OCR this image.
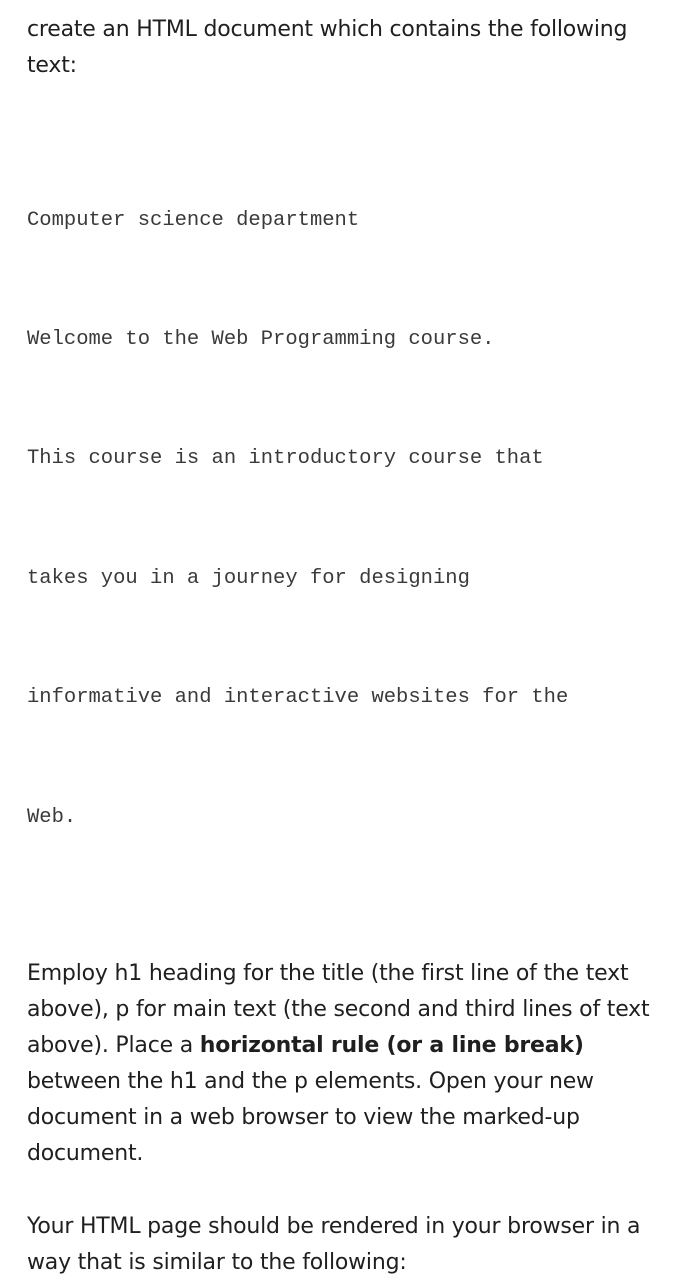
create an HTML document which contains the following text:

Computer science department

Welcome to the Web Programming course.

This course is an introductory course that

takes you in a journey for designing

informative and interactive websites for the

Web.

Employ h1 heading for the title (the first line of the text above), p for main text (the second and third lines of text above). Place a horizontal rule (or a line break) between the h1 and the p elements. Open your new document in a web browser to view the marked-up document.

Your HTML page should be rendered in your browser in a way that is similar to the following:
